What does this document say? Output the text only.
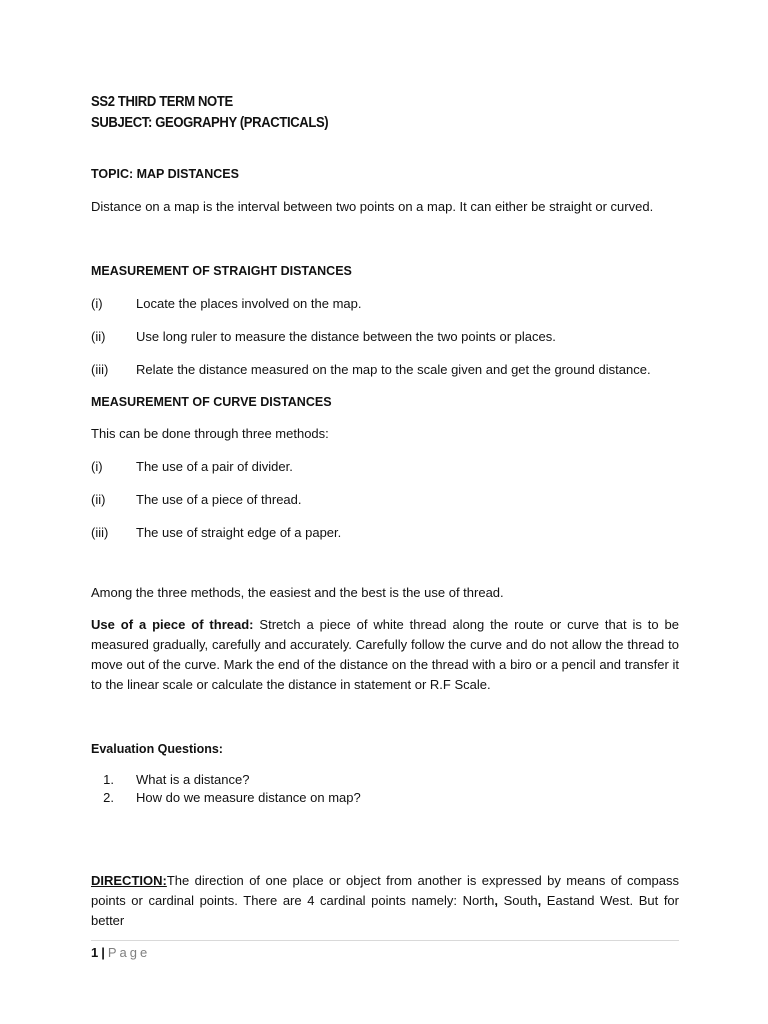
SS2 THIRD TERM NOTE
SUBJECT: GEOGRAPHY (PRACTICALS)

TOPIC: MAP DISTANCES

Distance on a map is the interval between two points on a map. It can either be straight or curved.

MEASUREMENT OF STRAIGHT DISTANCES

(i)	Locate the places involved on the map.
(ii)	Use long ruler to measure the distance between the two points or places.
(iii)	Relate the distance measured on the map to the scale given and get the ground distance.

MEASUREMENT OF CURVE DISTANCES

This can be done through three methods:

(i)	The use of a pair of divider.
(ii)	The use of a piece of thread.
(iii)	The use of straight edge of a paper.

Among the three methods, the easiest and the best is the use of thread.

Use of a piece of thread: Stretch a piece of white thread along the route or curve that is to be measured gradually, carefully and accurately. Carefully follow the curve and do not allow the thread to move out of the curve. Mark the end of the distance on the thread with a biro or a pencil and transfer it to the linear scale or calculate the distance in statement or R.F Scale.

Evaluation Questions:

1.	What is a distance?
2.	How do we measure distance on map?

DIRECTION:The direction of one place or object from another is expressed by means of compass points or cardinal points. There are 4 cardinal points namely: North, South, Eastand West. But for better

1 | Page
